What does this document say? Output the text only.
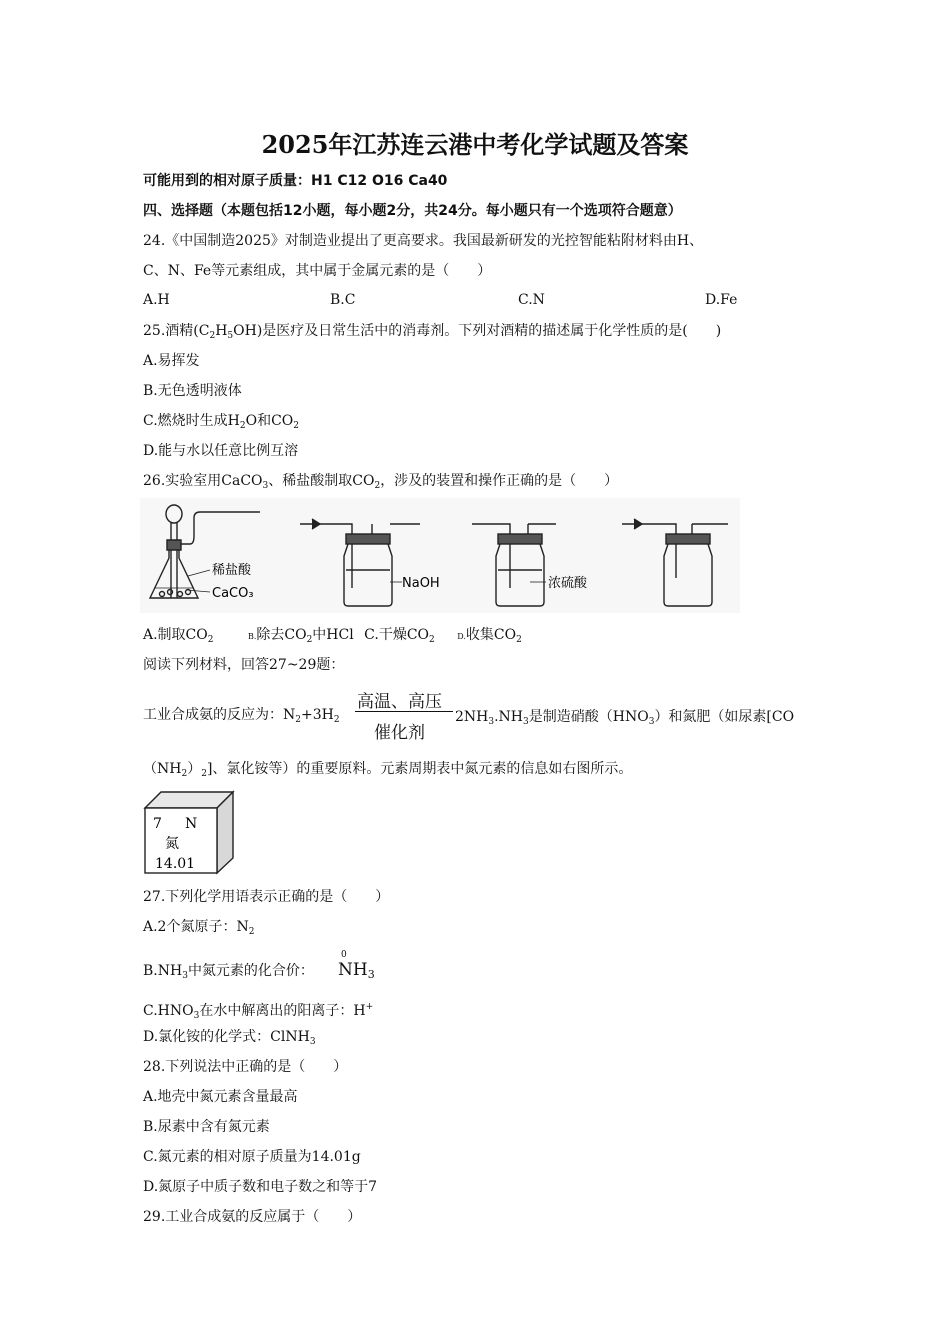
2025年江苏连云港中考化学试题及答案
可能用到的相对原子质量：H1 C12 O16 Ca40
四、选择题（本题包括12小题，每小题2分，共24分。每小题只有一个选项符合题意）
24.《中国制造2025》对制造业提出了更高要求。我国最新研发的光控智能粘附材料由H、
C、N、Fe等元素组成，其中属于金属元素的是（　　）
A.H	B.C	C.N	D.Fe
25.酒精$(C_2H_5OH)$是医疗及日常生活中的消毒剂。下列对酒精的描述属于化学性质的是(　　)
A.易挥发
B.无色透明液体
C.燃烧时生成$H_2O$和$CO_2$
D.能与水以任意比例互溶
26.实验室用CaCO$_3$、稀盐酸制取$CO_2$，涉及的装置和操作正确的是（　　）
稀盐酸
CaCO₃
NaOH	浓硫酸
A.制取$CO_2$	B.除去$CO_2$中HCl C.干燥$CO_2$	D.收集$CO_2$
阅读下列材料，回答27~29题：
高温、高压
催化剂
工业合成氨的反应为：$N_2+3H_2$	$2NH_3.NH_3$是制造硝酸$(HNO_3)$和氮肥（如尿素[CO
$(NH_2)_2$]、氯化铵等）的重要原料。元素周期表中氮元素的信息如右图所示。
7 N
氮
14.01
27.下列化学用语表示正确的是（　　）
A.2个氮原子：$N_2$
$B.NH_3$中氮元素的化合价：
0
$NH_3$
$C.HNO_3$在水中解离出的阳离子：H+
D.氯化铵的化学式：ClNH$_3$
28.下列说法中正确的是（　　）
A.地壳中氮元素含量最高
B.尿素中含有氮元素
C.氮元素的相对原子质量为14.01g
D.氮原子中质子数和电子数之和等于7
29.工业合成氨的反应属于（　　）
